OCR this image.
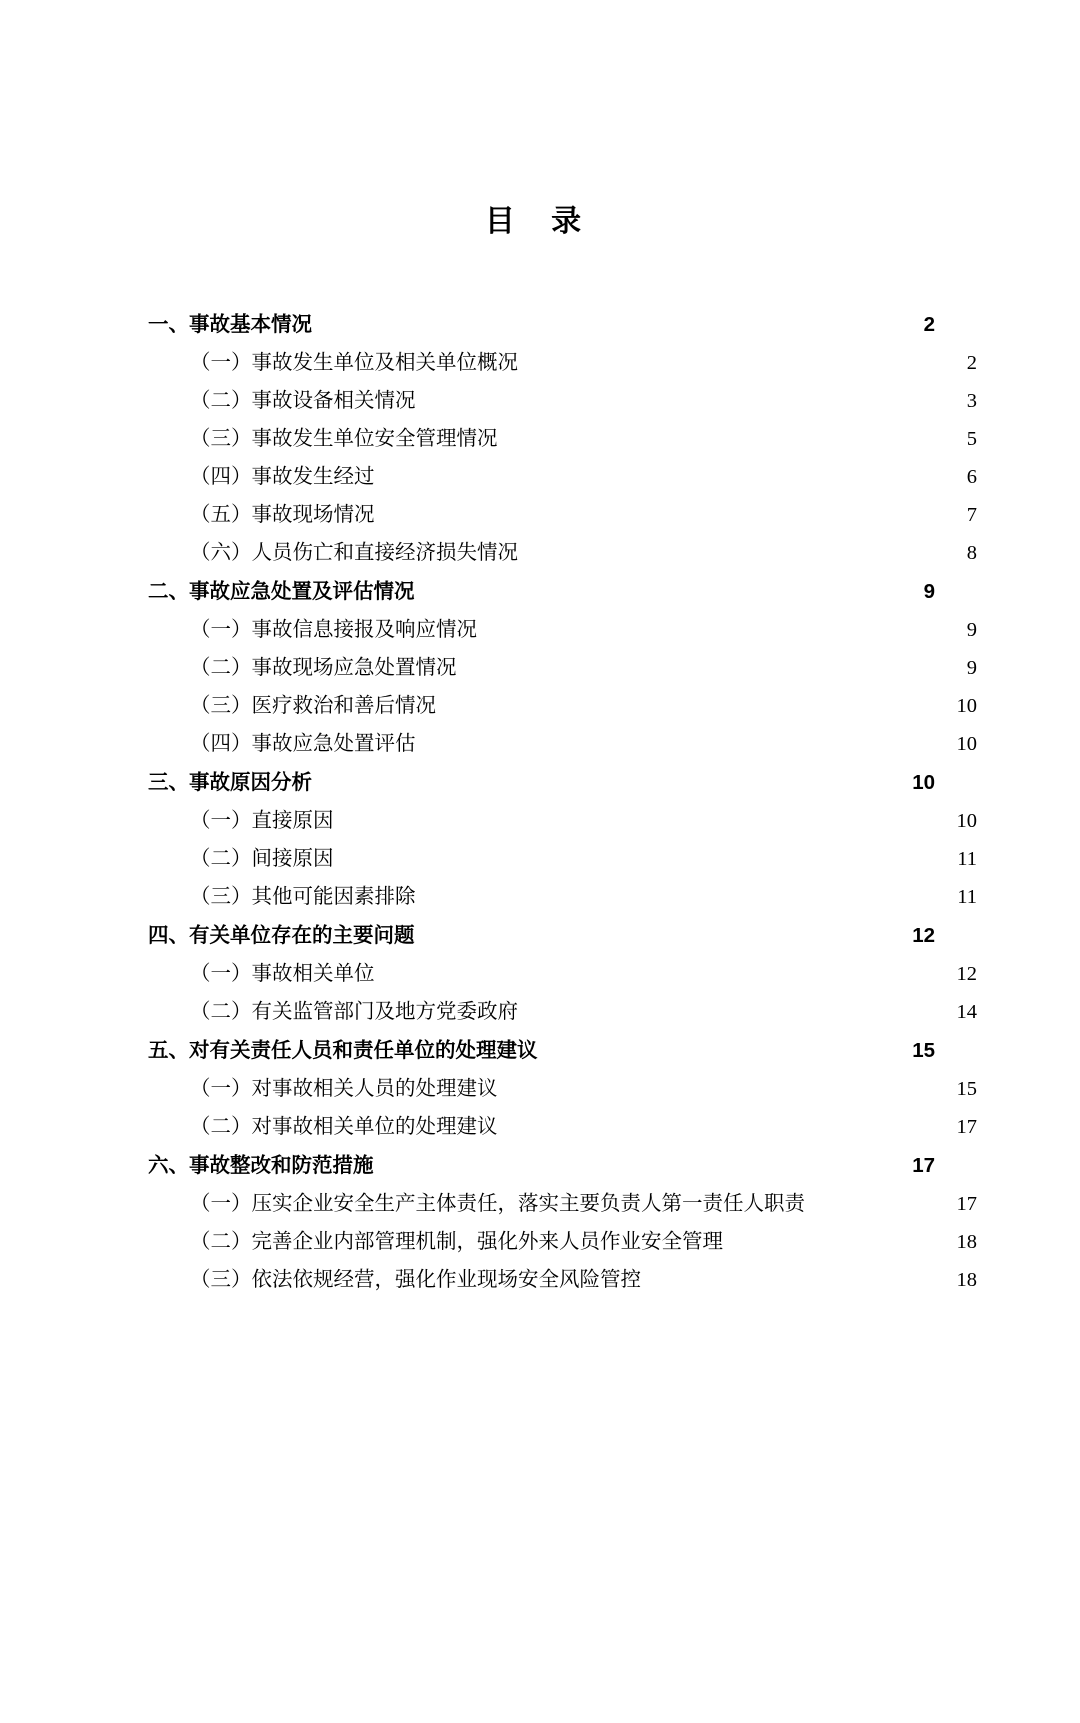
目 录
一、事故基本情况 .....	2
（一）事故发生单位及相关单位概况 .....	2
（二）事故设备相关情况 .....	3
（三）事故发生单位安全管理情况 .....	5
（四）事故发生经过 .....	6
（五）事故现场情况 .....	7
（六）人员伤亡和直接经济损失情况 .....	8
二、事故应急处置及评估情况 .....	9
（一）事故信息接报及响应情况 .....	9
（二）事故现场应急处置情况 .....	9
（三）医疗救治和善后情况 .....	10
（四）事故应急处置评估 .....	10
三、事故原因分析 .....	10
（一）直接原因 .....	10
（二）间接原因 .....	11
（三）其他可能因素排除 .....	11
四、有关单位存在的主要问题 .....	12
（一）事故相关单位 .....	12
（二）有关监管部门及地方党委政府 .....	14
五、对有关责任人员和责任单位的处理建议 .....	15
（一）对事故相关人员的处理建议 .....	15
（二）对事故相关单位的处理建议 .....	17
六、事故整改和防范措施 .....	17
（一）压实企业安全生产主体责任，落实主要负责人第一责任人职责 .....	17
（二）完善企业内部管理机制，强化外来人员作业安全管理 .....	18
（三）依法依规经营，强化作业现场安全风险管控 .....	18
